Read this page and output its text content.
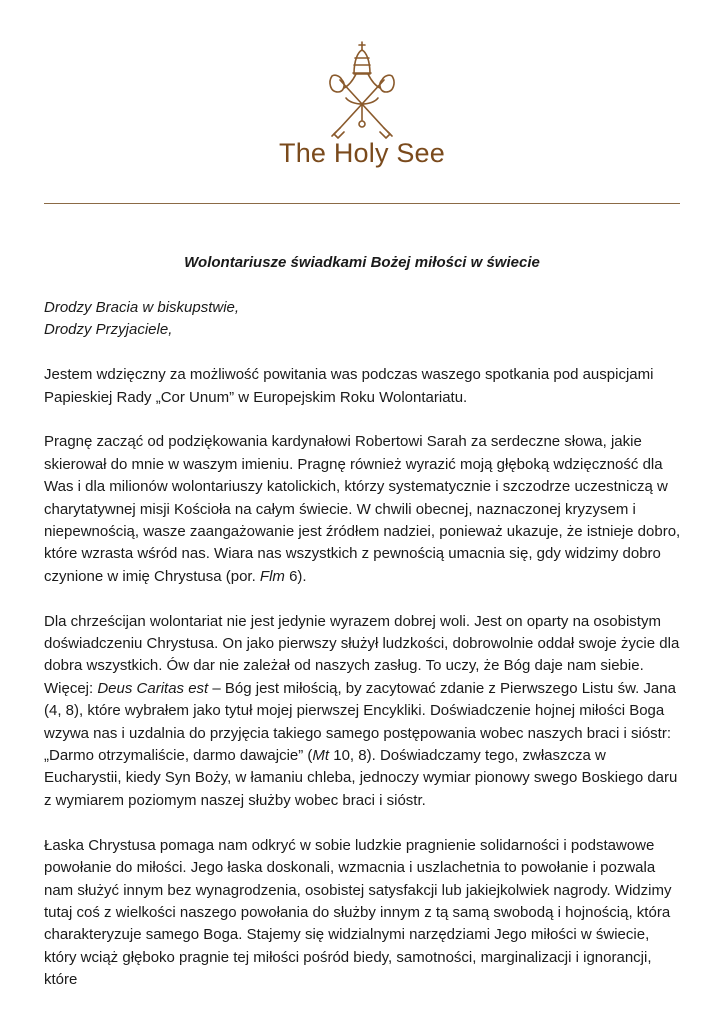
The Holy See
Wolontariusze świadkami Bożej miłości w świecie

Drodzy Bracia w biskupstwie,
Drodzy Przyjaciele,

Jestem wdzięczny za możliwość powitania was podczas waszego spotkania pod auspicjami Papieskiej Rady „Cor Unum” w Europejskim Roku Wolontariatu.

Pragnę zacząć od podziękowania kardynałowi Robertowi Sarah za serdeczne słowa, jakie skierował do mnie w waszym imieniu. Pragnę również wyrazić moją głęboką wdzięczność dla Was i dla milionów wolontariuszy katolickich, którzy systematycznie i szczodrze uczestniczą w charytatywnej misji Kościoła na całym świecie. W chwili obecnej, naznaczonej kryzysem i niepewnością, wasze zaangażowanie jest źródłem nadziei, ponieważ ukazuje, że istnieje dobro, które wzrasta wśród nas. Wiara nas wszystkich z pewnością umacnia się, gdy widzimy dobro czynione w imię Chrystusa (por. Flm 6).

Dla chrześcijan wolontariat nie jest jedynie wyrazem dobrej woli. Jest on oparty na osobistym doświadczeniu Chrystusa. On jako pierwszy służył ludzkości, dobrowolnie oddał swoje życie dla dobra wszystkich. Ów dar nie zależał od naszych zasług. To uczy, że Bóg daje nam siebie. Więcej: Deus Caritas est – Bóg jest miłością, by zacytować zdanie z Pierwszego Listu św. Jana (4, 8), które wybrałem jako tytuł mojej pierwszej Encykliki. Doświadczenie hojnej miłości Boga wzywa nas i uzdalnia do przyjęcia takiego samego postępowania wobec naszych braci i sióstr: „Darmo otrzymaliście, darmo dawajcie” (Mt 10, 8). Doświadczamy tego, zwłaszcza w Eucharystii, kiedy Syn Boży, w łamaniu chleba, jednoczy wymiar pionowy swego Boskiego daru z wymiarem poziomym naszej służby wobec braci i sióstr.

Łaska Chrystusa pomaga nam odkryć w sobie ludzkie pragnienie solidarności i podstawowe powołanie do miłości. Jego łaska doskonali, wzmacnia i uszlachetnia to powołanie i pozwala nam służyć innym bez wynagrodzenia, osobistej satysfakcji lub jakiejkolwiek nagrody. Widzimy tutaj coś z wielkości naszego powołania do służby innym z tą samą swobodą i hojnością, która charakteryzuje samego Boga. Stajemy się widzialnymi narzędziami Jego miłości w świecie, który wciąż głęboko pragnie tej miłości pośród biedy, samotności, marginalizacji i ignorancji, które
